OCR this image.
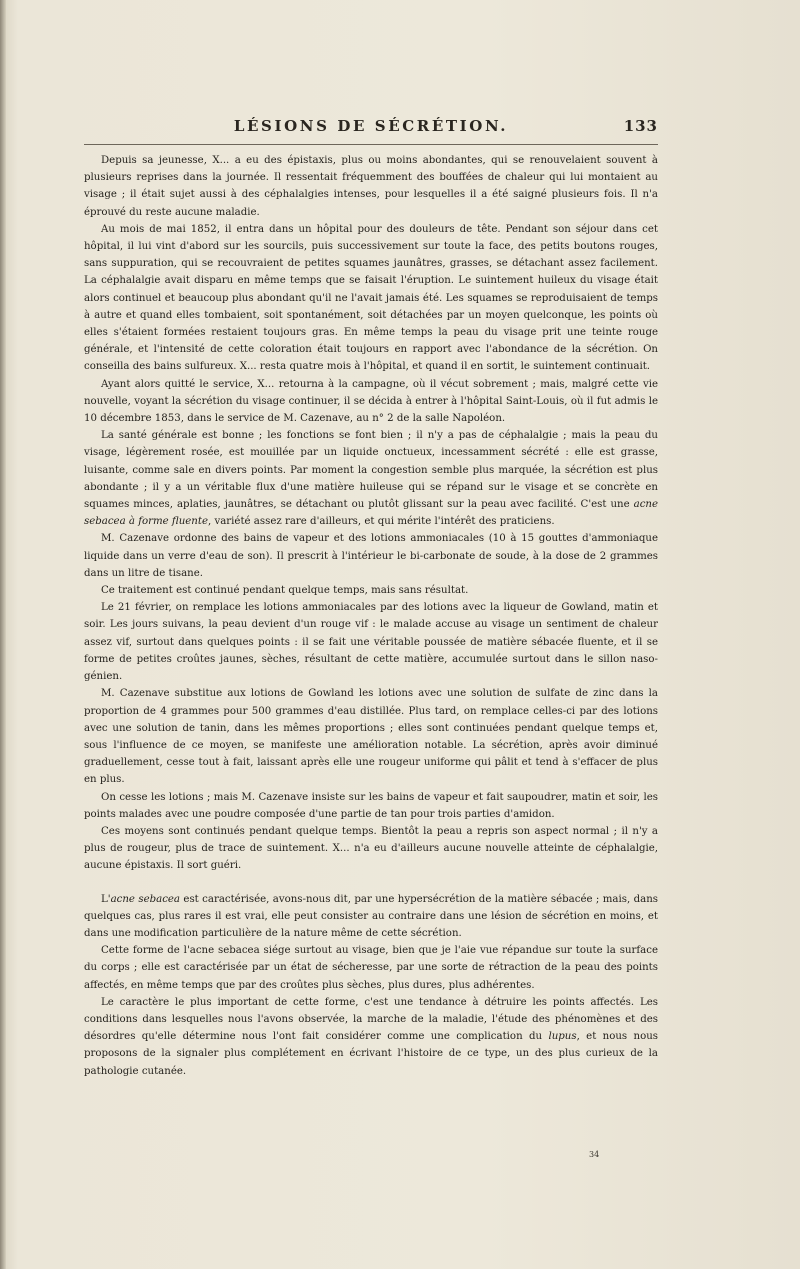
LÉSIONS DE SÉCRÉTION.	133

Depuis sa jeunesse, X... a eu des épistaxis, plus ou moins abondantes, qui se renouvelaient souvent à plusieurs reprises dans la journée. Il ressentait fréquemment des bouffées de chaleur qui lui montaient au visage ; il était sujet aussi à des céphalalgies intenses, pour lesquelles il a été saigné plusieurs fois. Il n'a éprouvé du reste aucune maladie.

Au mois de mai 1852, il entra dans un hôpital pour des douleurs de tête. Pendant son séjour dans cet hôpital, il lui vint d'abord sur les sourcils, puis successivement sur toute la face, des petits boutons rouges, sans suppuration, qui se recouvraient de petites squames jaunâtres, grasses, se détachant assez facilement. La céphalalgie avait disparu en même temps que se faisait l'éruption. Le suintement huileux du visage était alors continuel et beaucoup plus abondant qu'il ne l'avait jamais été. Les squames se reproduisaient de temps à autre et quand elles tombaient, soit spontanément, soit détachées par un moyen quelconque, les points où elles s'étaient formées restaient toujours gras. En même temps la peau du visage prit une teinte rouge générale, et l'intensité de cette coloration était toujours en rapport avec l'abondance de la sécrétion. On conseilla des bains sulfureux. X... resta quatre mois à l'hôpital, et quand il en sortit, le suintement continuait.

Ayant alors quitté le service, X... retourna à la campagne, où il vécut sobrement ; mais, malgré cette vie nouvelle, voyant la sécrétion du visage continuer, il se décida à entrer à l'hôpital Saint-Louis, où il fut admis le 10 décembre 1853, dans le service de M. Cazenave, au n° 2 de la salle Napoléon.

La santé générale est bonne ; les fonctions se font bien ; il n'y a pas de céphalalgie ; mais la peau du visage, légèrement rosée, est mouillée par un liquide onctueux, incessamment sécrété : elle est grasse, luisante, comme sale en divers points. Par moment la congestion semble plus marquée, la sécrétion est plus abondante ; il y a un véritable flux d'une matière huileuse qui se répand sur le visage et se concrète en squames minces, aplaties, jaunâtres, se détachant ou plutôt glissant sur la peau avec facilité. C'est une acne sebacea à forme fluente, variété assez rare d'ailleurs, et qui mérite l'intérêt des praticiens.

M. Cazenave ordonne des bains de vapeur et des lotions ammoniacales (10 à 15 gouttes d'ammoniaque liquide dans un verre d'eau de son). Il prescrit à l'intérieur le bi-carbonate de soude, à la dose de 2 grammes dans un litre de tisane.

Ce traitement est continué pendant quelque temps, mais sans résultat.

Le 21 février, on remplace les lotions ammoniacales par des lotions avec la liqueur de Gowland, matin et soir. Les jours suivans, la peau devient d'un rouge vif : le malade accuse au visage un sentiment de chaleur assez vif, surtout dans quelques points : il se fait une véritable poussée de matière sébacée fluente, et il se forme de petites croûtes jaunes, sèches, résultant de cette matière, accumulée surtout dans le sillon naso-génien.

M. Cazenave substitue aux lotions de Gowland les lotions avec une solution de sulfate de zinc dans la proportion de 4 grammes pour 500 grammes d'eau distillée. Plus tard, on remplace celles-ci par des lotions avec une solution de tanin, dans les mêmes proportions ; elles sont continuées pendant quelque temps et, sous l'influence de ce moyen, se manifeste une amélioration notable. La sécrétion, après avoir diminué graduellement, cesse tout à fait, laissant après elle une rougeur uniforme qui pâlit et tend à s'effacer de plus en plus.

On cesse les lotions ; mais M. Cazenave insiste sur les bains de vapeur et fait saupoudrer, matin et soir, les points malades avec une poudre composée d'une partie de tan pour trois parties d'amidon.

Ces moyens sont continués pendant quelque temps. Bientôt la peau a repris son aspect normal ; il n'y a plus de rougeur, plus de trace de suintement. X... n'a eu d'ailleurs aucune nouvelle atteinte de céphalalgie, aucune épistaxis. Il sort guéri.

L'acne sebacea est caractérisée, avons-nous dit, par une hypersécrétion de la matière sébacée ; mais, dans quelques cas, plus rares il est vrai, elle peut consister au contraire dans une lésion de sécrétion en moins, et dans une modification particulière de la nature même de cette sécrétion.

Cette forme de l'acne sebacea siége surtout au visage, bien que je l'aie vue répandue sur toute la surface du corps ; elle est caractérisée par un état de sécheresse, par une sorte de rétraction de la peau des points affectés, en même temps que par des croûtes plus sèches, plus dures, plus adhérentes.

Le caractère le plus important de cette forme, c'est une tendance à détruire les points affectés. Les conditions dans lesquelles nous l'avons observée, la marche de la maladie, l'étude des phénomènes et des désordres qu'elle détermine nous l'ont fait considérer comme une complication du lupus, et nous nous proposons de la signaler plus complétement en écrivant l'histoire de ce type, un des plus curieux de la pathologie cutanée.

34
